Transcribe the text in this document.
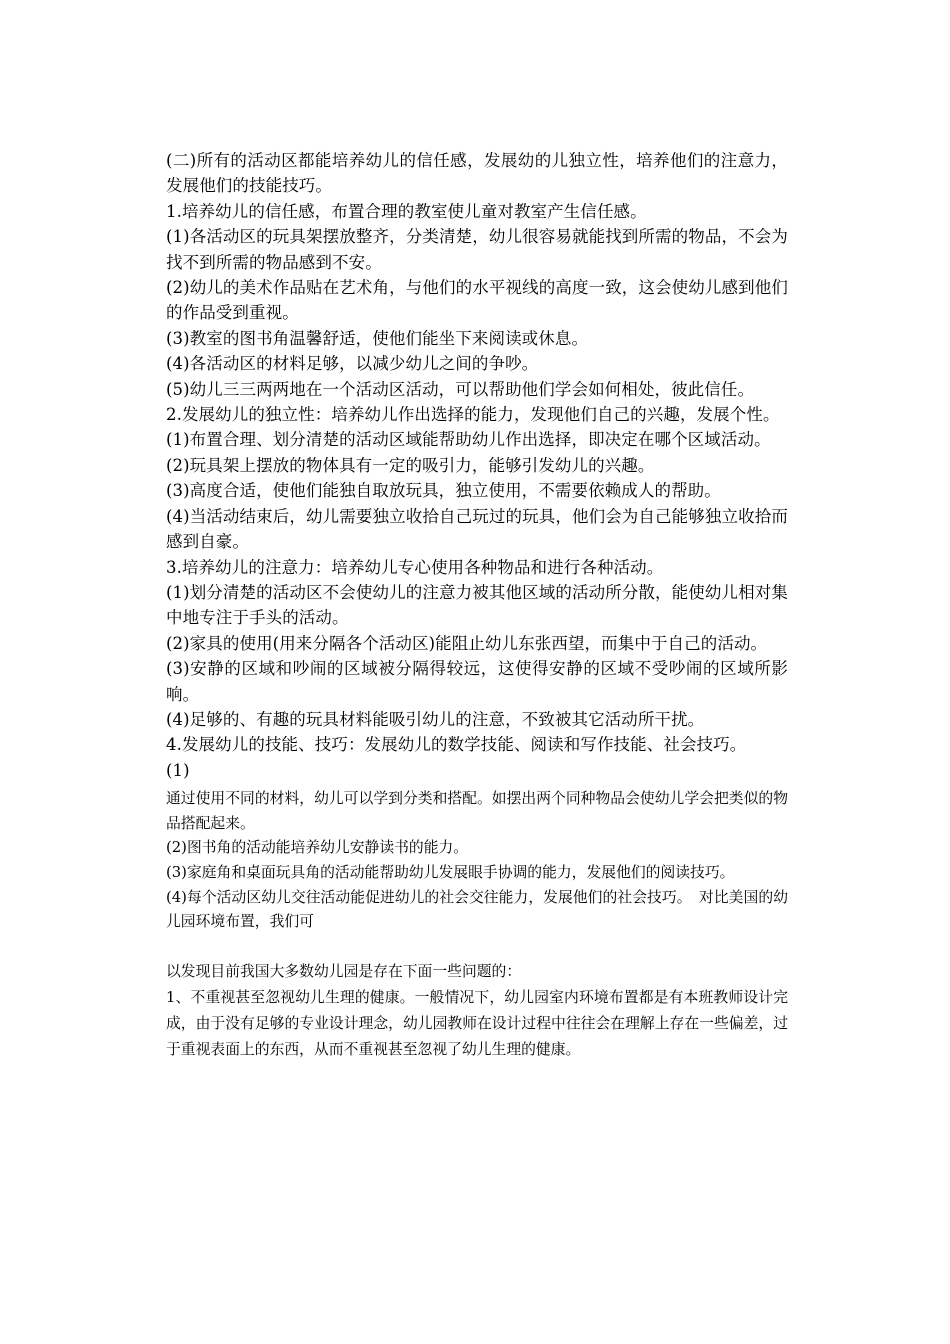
(二)所有的活动区都能培养幼儿的信任感，发展幼的儿独立性，培养他们的注意力，发展他们的技能技巧。

1.培养幼儿的信任感，布置合理的教室使儿童对教室产生信任感。

(1)各活动区的玩具架摆放整齐，分类清楚，幼儿很容易就能找到所需的物品，不会为找不到所需的物品感到不安。

(2)幼儿的美术作品贴在艺术角，与他们的水平视线的高度一致，这会使幼儿感到他们的作品受到重视。

(3)教室的图书角温馨舒适，使他们能坐下来阅读或休息。

(4)各活动区的材料足够，以减少幼儿之间的争吵。

(5)幼儿三三两两地在一个活动区活动，可以帮助他们学会如何相处，彼此信任。

2.发展幼儿的独立性：培养幼儿作出选择的能力，发现他们自己的兴趣，发展个性。

(1)布置合理、划分清楚的活动区域能帮助幼儿作出选择，即决定在哪个区域活动。

(2)玩具架上摆放的物体具有一定的吸引力，能够引发幼儿的兴趣。

(3)高度合适，使他们能独自取放玩具，独立使用，不需要依赖成人的帮助。

(4)当活动结束后，幼儿需要独立收拾自己玩过的玩具，他们会为自己能够独立收拾而感到自豪。

3.培养幼儿的注意力：培养幼儿专心使用各种物品和进行各种活动。

(1)划分清楚的活动区不会使幼儿的注意力被其他区域的活动所分散，能使幼儿相对集中地专注于手头的活动。

(2)家具的使用(用来分隔各个活动区)能阻止幼儿东张西望，而集中于自己的活动。

(3)安静的区域和吵闹的区域被分隔得较远，这使得安静的区域不受吵闹的区域所影响。

(4)足够的、有趣的玩具材料能吸引幼儿的注意，不致被其它活动所干扰。

4.发展幼儿的技能、技巧：发展幼儿的数学技能、阅读和写作技能、社会技巧。

(1)

通过使用不同的材料，幼儿可以学到分类和搭配。如摆出两个同种物品会使幼儿学会把类似的物品搭配起来。

(2)图书角的活动能培养幼儿安静读书的能力。

(3)家庭角和桌面玩具角的活动能帮助幼儿发展眼手协调的能力，发展他们的阅读技巧。

(4)每个活动区幼儿交往活动能促进幼儿的社会交往能力，发展他们的社会技巧。　对比美国的幼儿园环境布置，我们可

以发现目前我国大多数幼儿园是存在下面一些问题的：

1、不重视甚至忽视幼儿生理的健康。一般情况下，幼儿园室内环境布置都是有本班教师设计完成，由于没有足够的专业设计理念，幼儿园教师在设计过程中往往会在理解上存在一些偏差，过于重视表面上的东西，从而不重视甚至忽视了幼儿生理的健康。
